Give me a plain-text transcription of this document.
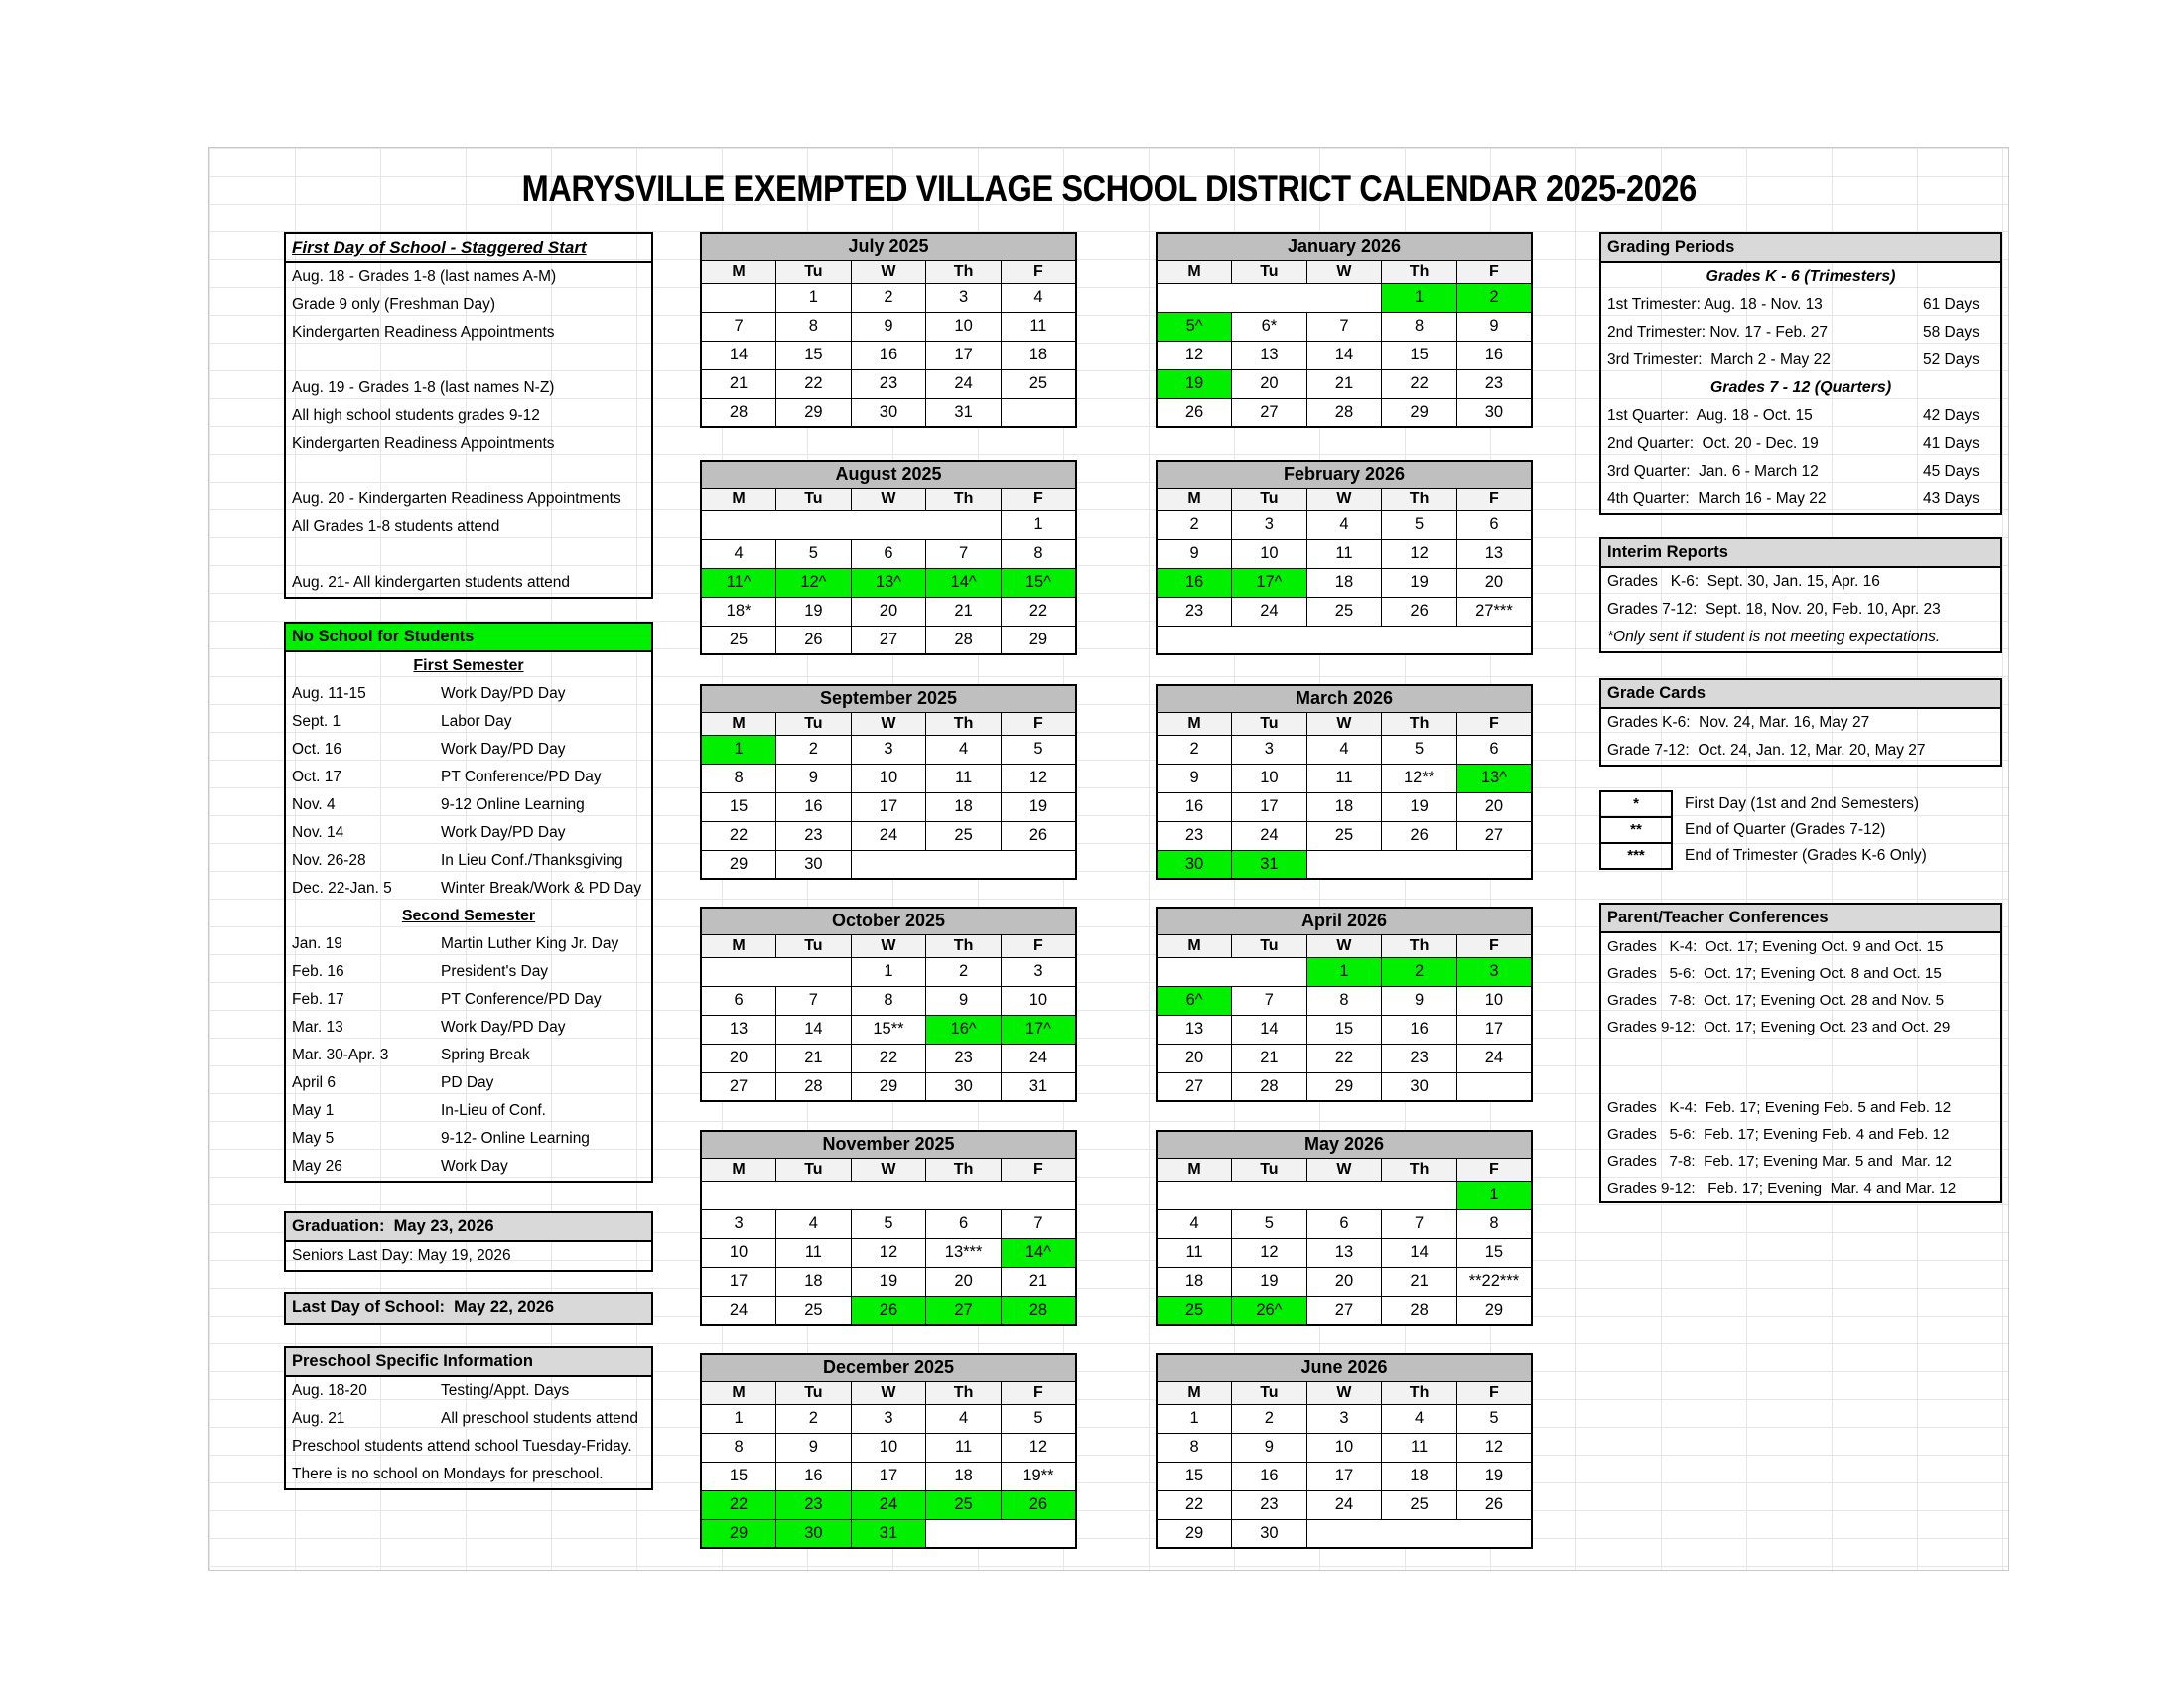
MARYSVILLE EXEMPTED VILLAGE SCHOOL DISTRICT CALENDAR 2025-2026
First Day of School - Staggered Start
Aug. 18 - Grades 1-8 (last names A-M)
Grade 9 only (Freshman Day)
Kindergarten Readiness Appointments

Aug. 19 - Grades 1-8 (last names N-Z)
All high school students grades 9-12
Kindergarten Readiness Appointments

Aug. 20 - Kindergarten Readiness Appointments
All Grades 1-8 students attend

Aug. 21- All kindergarten students attend
No School for Students
First Semester
Aug. 11-15	Work Day/PD Day
Sept. 1	Labor Day
Oct. 16	Work Day/PD Day
Oct. 17	PT Conference/PD Day
Nov. 4	9-12 Online Learning
Nov. 14	Work Day/PD Day
Nov. 26-28	In Lieu Conf./Thanksgiving
Dec. 22-Jan. 5	Winter Break/Work & PD Day
Second Semester
Jan. 19	Martin Luther King Jr. Day
Feb. 16	President's Day
Feb. 17	PT Conference/PD Day
Mar. 13	Work Day/PD Day
Mar. 30-Apr. 3	Spring Break
April 6	PD Day
May 1	In-Lieu of Conf.
May 5	9-12- Online Learning
May 26	Work Day
Graduation:  May 23, 2026
Seniors Last Day: May 19, 2026
Last Day of School:  May 22, 2026
Preschool Specific Information
Aug. 18-20	Testing/Appt. Days
Aug. 21	All preschool students attend
Preschool students attend school Tuesday-Friday.
There is no school on Mondays for preschool.
July 2025				
M	Tu	W	Th	F
	1	2	3	4
7	8	9	10	11
14	15	16	17	18
21	22	23	24	25
28	29	30	31	
August 2025				
M	Tu	W	Th	F
				1
4	5	6	7	8
11^	12^	13^	14^	15^
18*	19	20	21	22
25	26	27	28	29
September 2025				
M	Tu	W	Th	F
1	2	3	4	5
8	9	10	11	12
15	16	17	18	19
22	23	24	25	26
29	30			
October 2025				
M	Tu	W	Th	F
		1	2	3
6	7	8	9	10
13	14	15**	16^	17^
20	21	22	23	24
27	28	29	30	31
November 2025				
M	Tu	W	Th	F

3	4	5	6	7
10	11	12	13***	14^
17	18	19	20	21
24	25	26	27	28
December 2025				
M	Tu	W	Th	F
1	2	3	4	5
8	9	10	11	12
15	16	17	18	19**
22	23	24	25	26
29	30	31		
January 2026				
M	Tu	W	Th	F
			1	2
5^	6*	7	8	9
12	13	14	15	16
19	20	21	22	23
26	27	28	29	30
February 2026				
M	Tu	W	Th	F
2	3	4	5	6
9	10	11	12	13
16	17^	18	19	20
23	24	25	26	27***

March 2026				
M	Tu	W	Th	F
2	3	4	5	6
9	10	11	12**	13^
16	17	18	19	20
23	24	25	26	27
30	31			
April 2026				
M	Tu	W	Th	F
		1	2	3
6^	7	8	9	10
13	14	15	16	17
20	21	22	23	24
27	28	29	30	
May 2026				
M	Tu	W	Th	F
				1
4	5	6	7	8
11	12	13	14	15
18	19	20	21	**22***
25	26^	27	28	29
June 2026				
M	Tu	W	Th	F
1	2	3	4	5
8	9	10	11	12
15	16	17	18	19
22	23	24	25	26
29	30			
Grading Periods
Grades K - 6 (Trimesters)
1st Trimester: Aug. 18 - Nov. 13	61 Days
2nd Trimester: Nov. 17 - Feb. 27	58 Days
3rd Trimester:  March 2 - May 22	52 Days
Grades 7 - 12 (Quarters)
1st Quarter:  Aug. 18 - Oct. 15	42 Days
2nd Quarter:  Oct. 20 - Dec. 19	41 Days
3rd Quarter:  Jan. 6 - March 12	45 Days
4th Quarter:  March 16 - May 22	43 Days
Interim Reports
Grades   K-6:  Sept. 30, Jan. 15, Apr. 16
Grades 7-12:  Sept. 18, Nov. 20, Feb. 10, Apr. 23
*Only sent if student is not meeting expectations.
Grade Cards
Grades K-6:  Nov. 24, Mar. 16, May 27
Grade 7-12:  Oct. 24, Jan. 12, Mar. 20, May 27
*	First Day (1st and 2nd Semesters)
**	End of Quarter (Grades 7-12)
***	End of Trimester (Grades K-6 Only)
Parent/Teacher Conferences
Grades   K-4:  Oct. 17; Evening Oct. 9 and Oct. 15
Grades   5-6:  Oct. 17; Evening Oct. 8 and Oct. 15
Grades   7-8:  Oct. 17; Evening Oct. 28 and Nov. 5
Grades 9-12:  Oct. 17; Evening Oct. 23 and Oct. 29

Grades   K-4:  Feb. 17; Evening Feb. 5 and Feb. 12
Grades   5-6:  Feb. 17; Evening Feb. 4 and Feb. 12
Grades   7-8:  Feb. 17; Evening Mar. 5 and  Mar. 12
Grades 9-12:   Feb. 17; Evening  Mar. 4 and Mar. 12
